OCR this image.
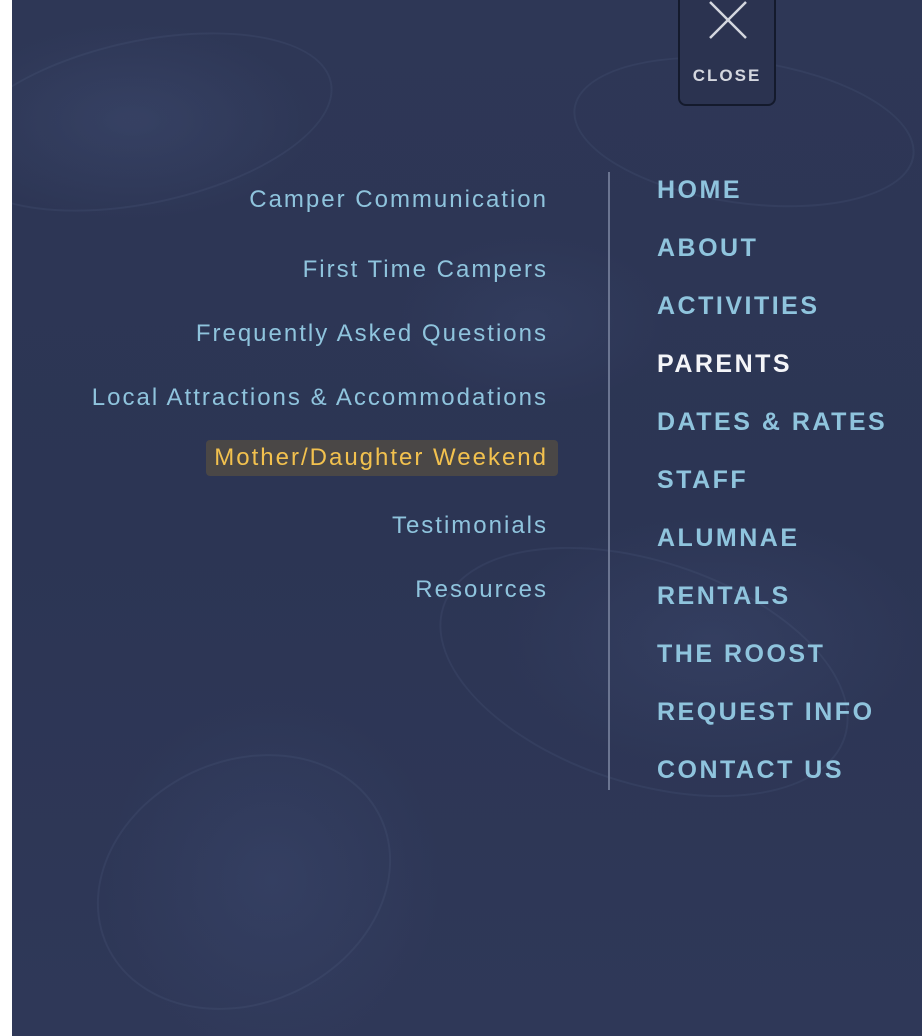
CLOSE
Camper Communication
First Time Campers
Frequently Asked Questions
Local Attractions & Accommodations
Mother/Daughter Weekend
Testimonials
Resources
HOME
ABOUT
ACTIVITIES
PARENTS
DATES & RATES
STAFF
ALUMNAE
RENTALS
THE ROOST
REQUEST INFO
CONTACT US
